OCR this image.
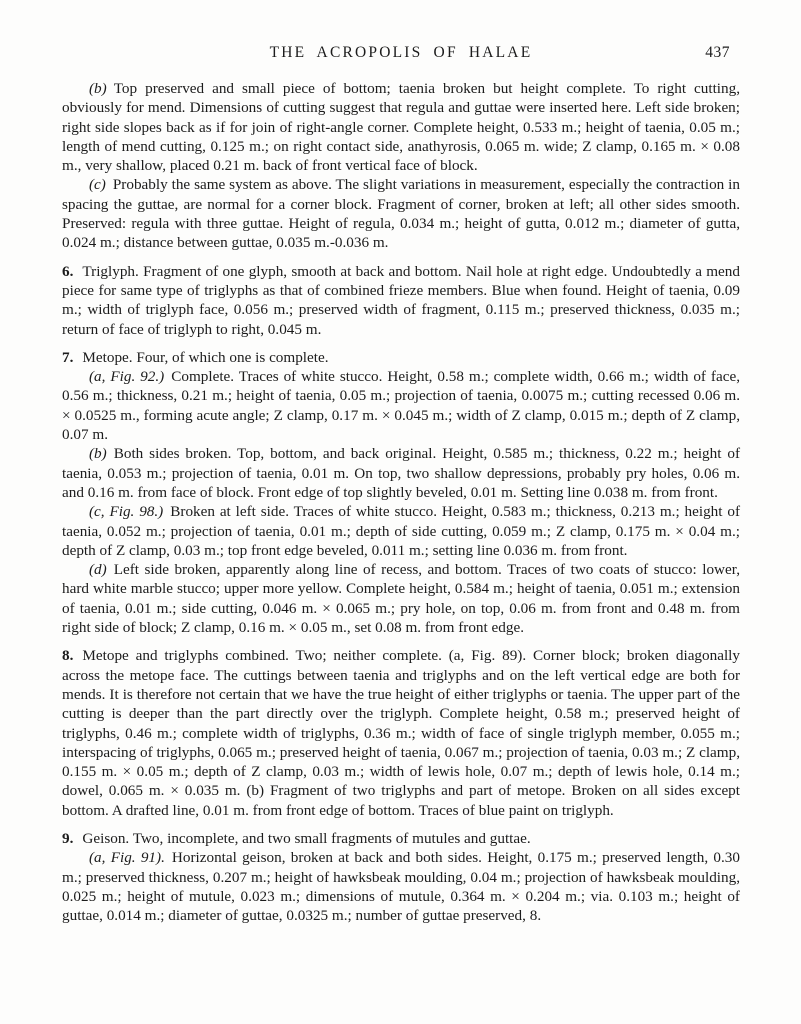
THE ACROPOLIS OF HALAE	437

(b) Top preserved and small piece of bottom; taenia broken but height complete. To right cutting, obviously for mend. Dimensions of cutting suggest that regula and guttae were inserted here. Left side broken; right side slopes back as if for join of right-angle corner. Complete height, 0.533 m.; height of taenia, 0.05 m.; length of mend cutting, 0.125 m.; on right contact side, anathyrosis, 0.065 m. wide; Z clamp, 0.165 m. × 0.08 m., very shallow, placed 0.21 m. back of front vertical face of block.

(c) Probably the same system as above. The slight variations in measurement, especially the contraction in spacing the guttae, are normal for a corner block. Fragment of corner, broken at left; all other sides smooth. Preserved: regula with three guttae. Height of regula, 0.034 m.; height of gutta, 0.012 m.; diameter of gutta, 0.024 m.; distance between guttae, 0.035 m.-0.036 m.

6. Triglyph. Fragment of one glyph, smooth at back and bottom. Nail hole at right edge. Undoubtedly a mend piece for same type of triglyphs as that of combined frieze members. Blue when found. Height of taenia, 0.09 m.; width of triglyph face, 0.056 m.; preserved width of fragment, 0.115 m.; preserved thickness, 0.035 m.; return of face of triglyph to right, 0.045 m.

7. Metope. Four, of which one is complete.

(a, Fig. 92.) Complete. Traces of white stucco. Height, 0.58 m.; complete width, 0.66 m.; width of face, 0.56 m.; thickness, 0.21 m.; height of taenia, 0.05 m.; projection of taenia, 0.0075 m.; cutting recessed 0.06 m. × 0.0525 m., forming acute angle; Z clamp, 0.17 m. × 0.045 m.; width of Z clamp, 0.015 m.; depth of Z clamp, 0.07 m.

(b) Both sides broken. Top, bottom, and back original. Height, 0.585 m.; thickness, 0.22 m.; height of taenia, 0.053 m.; projection of taenia, 0.01 m. On top, two shallow depressions, probably pry holes, 0.06 m. and 0.16 m. from face of block. Front edge of top slightly beveled, 0.01 m. Setting line 0.038 m. from front.

(c, Fig. 98.) Broken at left side. Traces of white stucco. Height, 0.583 m.; thickness, 0.213 m.; height of taenia, 0.052 m.; projection of taenia, 0.01 m.; depth of side cutting, 0.059 m.; Z clamp, 0.175 m. × 0.04 m.; depth of Z clamp, 0.03 m.; top front edge beveled, 0.011 m.; setting line 0.036 m. from front.

(d) Left side broken, apparently along line of recess, and bottom. Traces of two coats of stucco: lower, hard white marble stucco; upper more yellow. Complete height, 0.584 m.; height of taenia, 0.051 m.; extension of taenia, 0.01 m.; side cutting, 0.046 m. × 0.065 m.; pry hole, on top, 0.06 m. from front and 0.48 m. from right side of block; Z clamp, 0.16 m. × 0.05 m., set 0.08 m. from front edge.

8. Metope and triglyphs combined. Two; neither complete. (a, Fig. 89). Corner block; broken diagonally across the metope face. The cuttings between taenia and triglyphs and on the left vertical edge are both for mends. It is therefore not certain that we have the true height of either triglyphs or taenia. The upper part of the cutting is deeper than the part directly over the triglyph. Complete height, 0.58 m.; preserved height of triglyphs, 0.46 m.; complete width of triglyphs, 0.36 m.; width of face of single triglyph member, 0.055 m.; interspacing of triglyphs, 0.065 m.; preserved height of taenia, 0.067 m.; projection of taenia, 0.03 m.; Z clamp, 0.155 m. × 0.05 m.; depth of Z clamp, 0.03 m.; width of lewis hole, 0.07 m.; depth of lewis hole, 0.14 m.; dowel, 0.065 m. × 0.035 m. (b) Fragment of two triglyphs and part of metope. Broken on all sides except bottom. A drafted line, 0.01 m. from front edge of bottom. Traces of blue paint on triglyph.

9. Geison. Two, incomplete, and two small fragments of mutules and guttae.

(a, Fig. 91). Horizontal geison, broken at back and both sides. Height, 0.175 m.; preserved length, 0.30 m.; preserved thickness, 0.207 m.; height of hawksbeak moulding, 0.04 m.; projection of hawksbeak moulding, 0.025 m.; height of mutule, 0.023 m.; dimensions of mutule, 0.364 m. × 0.204 m.; via. 0.103 m.; height of guttae, 0.014 m.; diameter of guttae, 0.0325 m.; number of guttae preserved, 8.
